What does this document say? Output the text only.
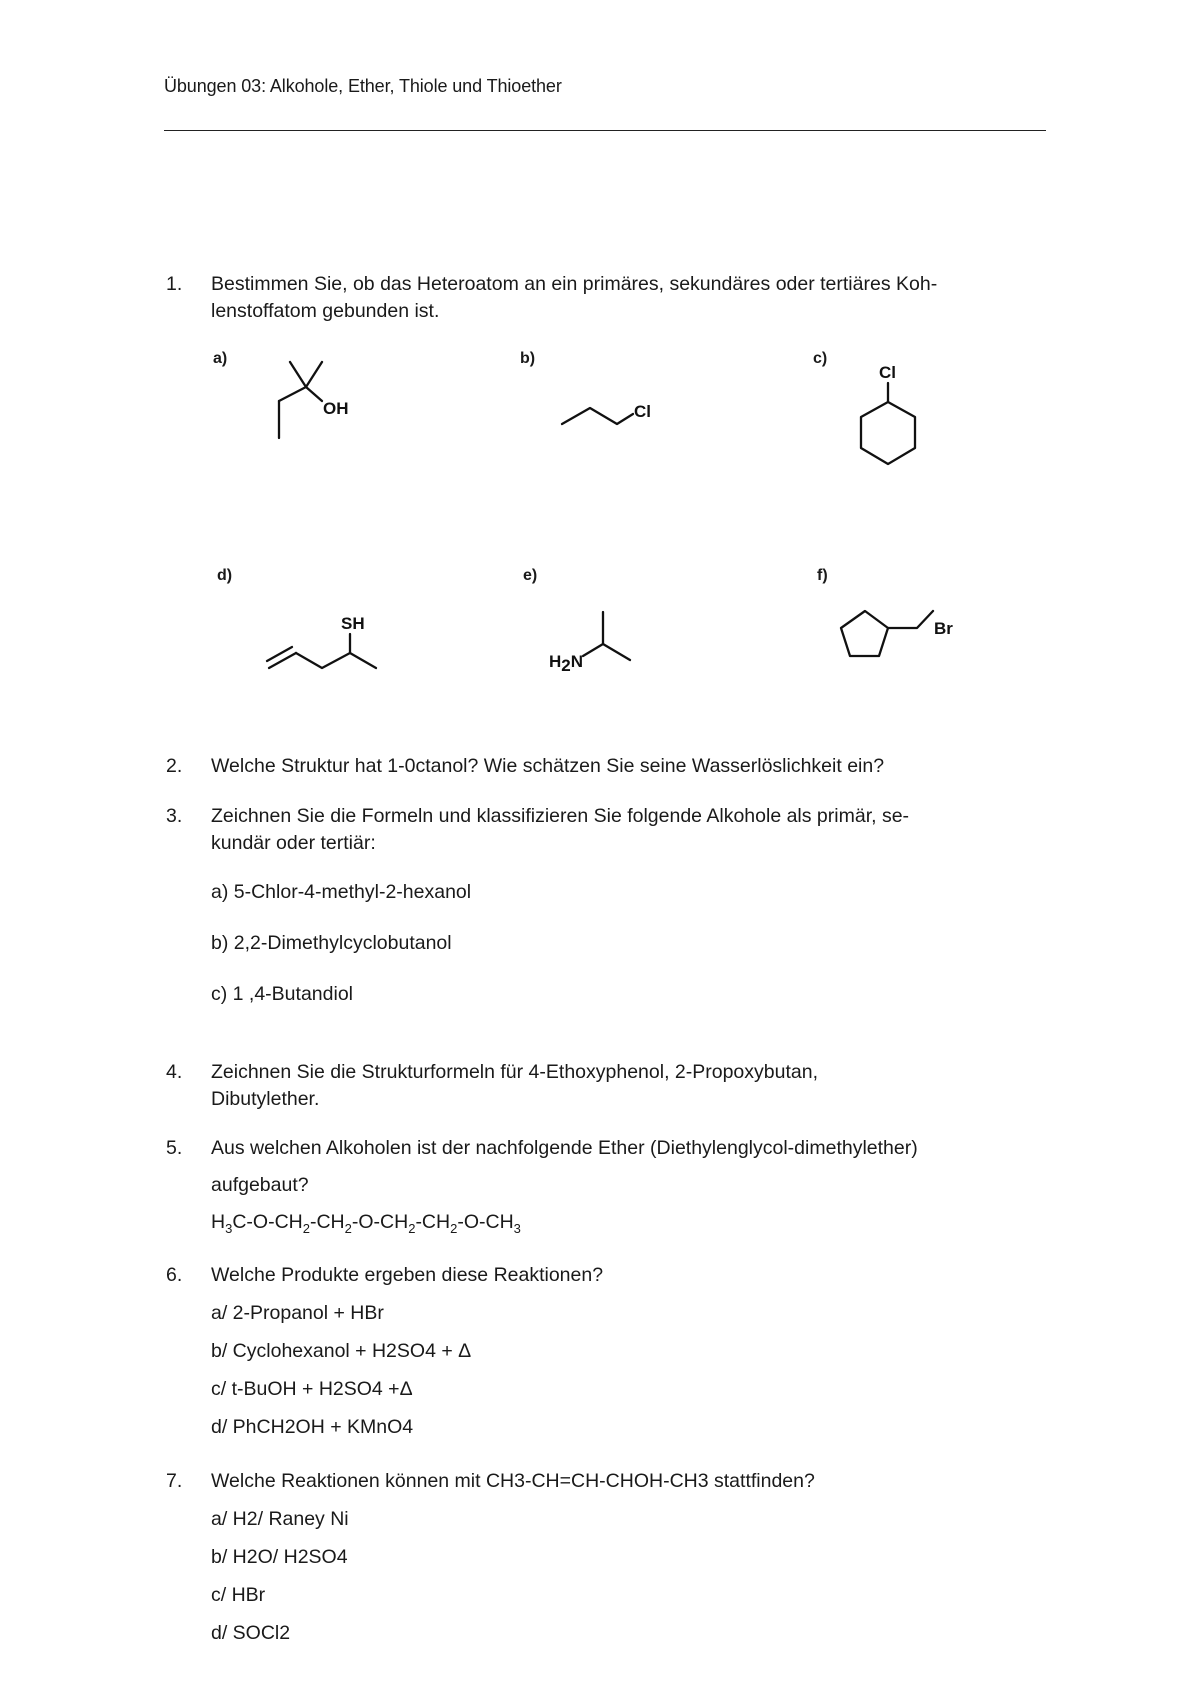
Übungen 03: Alkohole, Ether, Thiole und Thioether
1. Bestimmen Sie, ob das Heteroatom an ein primäres, sekundäres oder tertiäres Koh-
lenstoffatom gebunden ist.
a)	b)	c)
d)	e)	f)
OH	Cl
Cl
SH
H2N
Br
2. Welche Struktur hat 1-0ctanol? Wie schätzen Sie seine Wasserlöslichkeit ein?
3. Zeichnen Sie die Formeln und klassifizieren Sie folgende Alkohole als primär, se-
kundär oder tertiär:
a) 5-Chlor-4-methyl-2-hexanol
b) 2,2-Dimethylcyclobutanol
c) 1 ,4-Butandiol
4. Zeichnen Sie die Strukturformeln für 4-Ethoxyphenol, 2-Propoxybutan,
Dibutylether.
5. Aus welchen Alkoholen ist der nachfolgende Ether (Diethylenglycol-dimethylether)
aufgebaut?
$H_3C-O-CH_2-CH_2-O-CH_2-CH_2-O-CH_3$
6. Welche Produkte ergeben diese Reaktionen?
a/ 2-Propanol + HBr
b/ Cyclohexanol + H2SO4 + Δ
c/ t-BuOH + H2SO4 +Δ
d/ PhCH2OH + KMnO4
7. Welche Reaktionen können mit CH3-CH=CH-CHOH-CH3 stattfinden?
a/ H2/ Raney Ni
b/ H2O/ H2SO4
c/ HBr
d/ SOCl2
